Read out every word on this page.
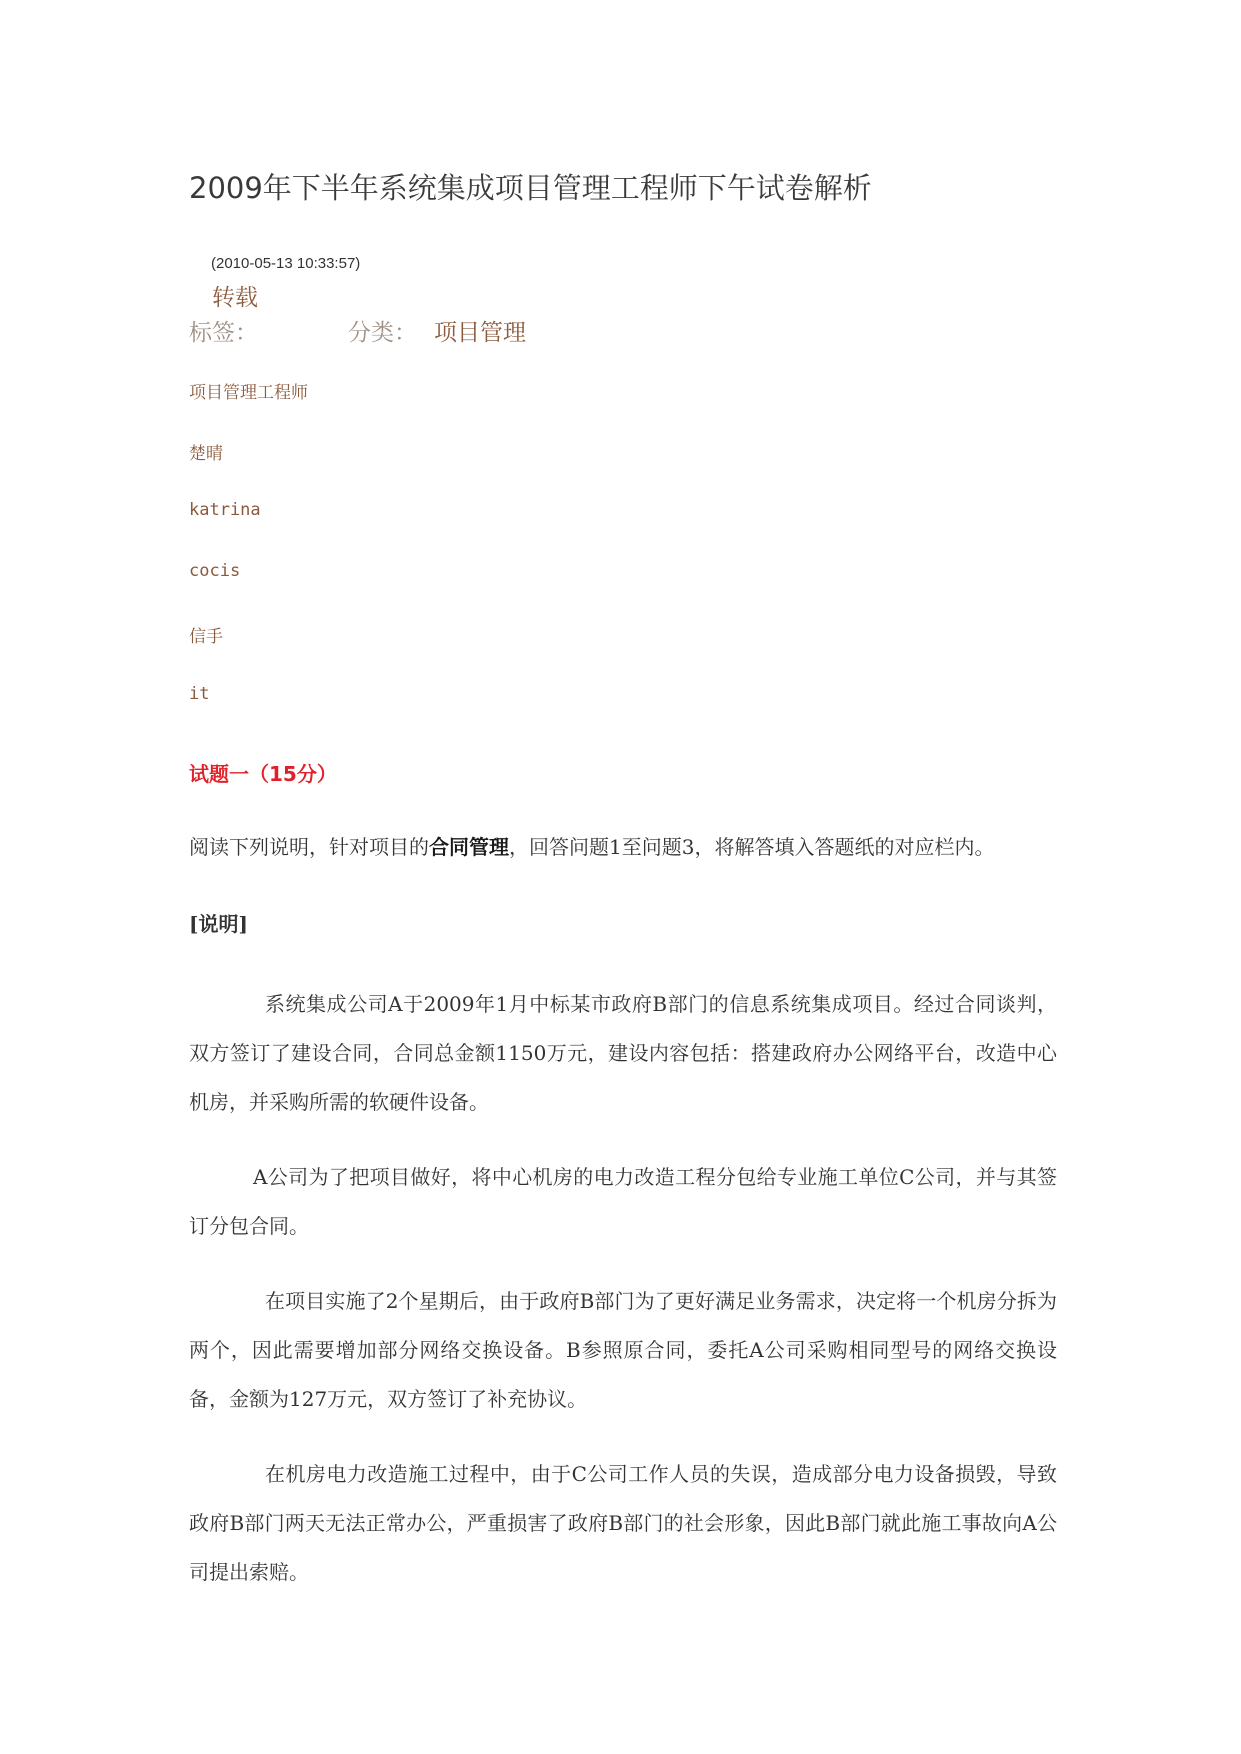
2009年下半年系统集成项目管理工程师下午试卷解析
(2010-05-13 10:33:57)
转载
标签：	分类： 项目管理
项目管理工程师
楚晴
katrina
cocis
信手
it
试题一（15分）
阅读下列说明，针对项目的合同管理，回答问题1至问题3，将解答填入答题纸的对应栏内。
[说明]
系统集成公司A于2009年1月中标某市政府B部门的信息系统集成项目。经过合同谈判，双方签订了建设合同，合同总金额1150万元，建设内容包括：搭建政府办公网络平台，改造中心机房，并采购所需的软硬件设备。
A公司为了把项目做好，将中心机房的电力改造工程分包给专业施工单位C公司，并与其签订分包合同。
在项目实施了2个星期后，由于政府B部门为了更好满足业务需求，决定将一个机房分拆为两个，因此需要增加部分网络交换设备。B参照原合同，委托A公司采购相同型号的网络交换设备，金额为127万元，双方签订了补充协议。
在机房电力改造施工过程中，由于C公司工作人员的失误，造成部分电力设备损毁，导致政府B部门两天无法正常办公，严重损害了政府B部门的社会形象，因此B部门就此施工事故向A公司提出索赔。
